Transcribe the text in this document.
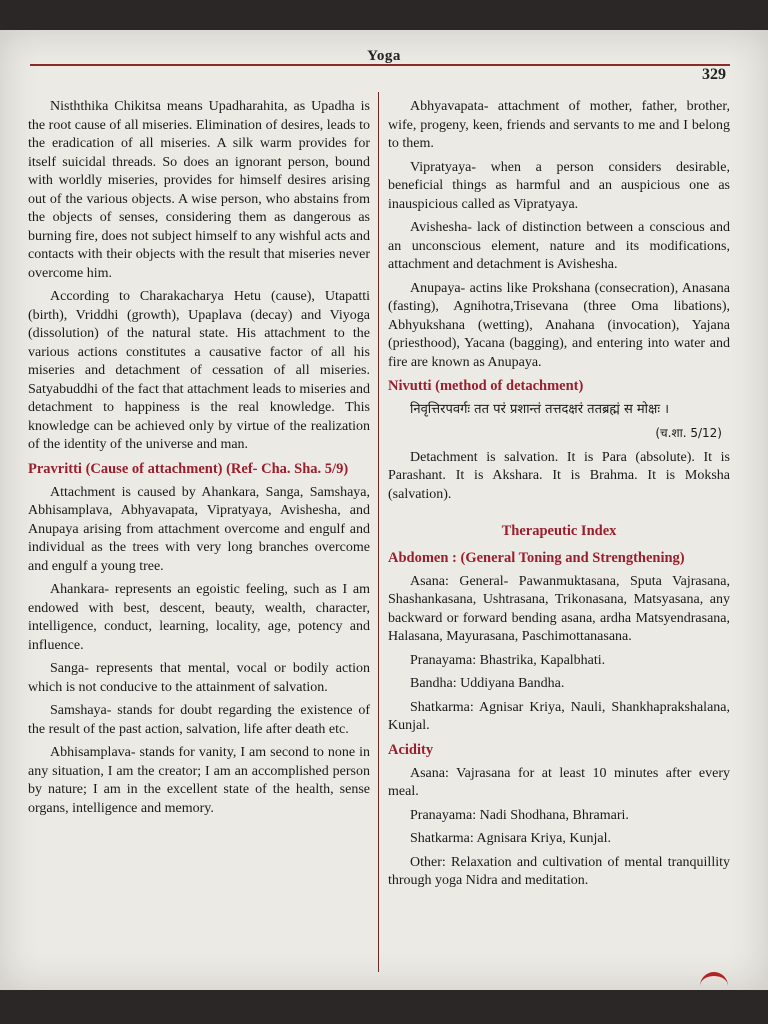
Yoga
329

Nisththika Chikitsa means Upadharahita, as Upadha is the root cause of all miseries. Elimination of desires, leads to the eradication of all miseries. A silk warm provides for itself suicidal threads. So does an ignorant person, bound with worldly miseries, provides for himself desires arising out of the various objects. A wise person, who abstains from the objects of senses, considering them as dangerous as burning fire, does not subject himself to any wishful acts and contacts with their objects with the result that miseries never overcome him.

According to Charakacharya Hetu (cause), Utapatti (birth), Vriddhi (growth), Upaplava (decay) and Viyoga (dissolution) of the natural state. His attachment to the various actions constitutes a causative factor of all his miseries and detachment of cessation of all miseries. Satyabuddhi of the fact that attachment leads to miseries and detachment to happiness is the real knowledge. This knowledge can be achieved only by virtue of the realization of the identity of the universe and man.

Pravritti (Cause of attachment) (Ref- Cha. Sha. 5/9)

Attachment is caused by Ahankara, Sanga, Samshaya, Abhisamplava, Abhyavapata, Vipratyaya, Avishesha, and Anupaya arising from attachment overcome and engulf and individual as the trees with very long branches overcome and engulf a young tree.

Ahankara- represents an egoistic feeling, such as I am endowed with best, descent, beauty, wealth, character, intelligence, conduct, learning, locality, age, potency and influence.

Sanga- represents that mental, vocal or bodily action which is not conducive to the attainment of salvation.

Samshaya- stands for doubt regarding the existence of the result of the past action, salvation, life after death etc.

Abhisamplava- stands for vanity, I am second to none in any situation, I am the creator; I am an accomplished person by nature; I am in the excellent state of the health, sense organs, intelligence and memory.

Abhyavapata- attachment of mother, father, brother, wife, progeny, keen, friends and servants to me and I belong to them.

Vipratyaya- when a person considers desirable, beneficial things as harmful and an auspicious one as inauspicious called as Vipratyaya.

Avishesha- lack of distinction between a conscious and an unconscious element, nature and its modifications, attachment and detachment is Avishesha.

Anupaya- actins like Prokshana (consecration), Anasana (fasting), Agnihotra,Trisevana (three Oma libations), Abhyukshana (wetting), Anahana (invocation), Yajana (priesthood), Yacana (bagging), and entering into water and fire are known as Anupaya.

Nivutti (method of detachment)

निवृत्तिरपवर्गः तत परं प्रशान्तं तत्तदक्षरं ततब्रह्मं स मोक्षः ।

(च.शा. 5/12)

Detachment is salvation. It is Para (absolute). It is Parashant. It is Akshara. It is Brahma. It is Moksha (salvation).

Therapeutic Index
Abdomen : (General Toning and Strengthening)

Asana: General- Pawanmuktasana, Sputa Vajrasana, Shashankasana, Ushtrasana, Trikonasana, Matsyasana, any backward or forward bending asana, ardha Matsyendrasana, Halasana, Mayurasana, Paschimottanasana.

Pranayama: Bhastrika, Kapalbhati.

Bandha: Uddiyana Bandha.

Shatkarma: Agnisar Kriya, Nauli, Shankhaprakshalana, Kunjal.

Acidity

Asana: Vajrasana for at least 10 minutes after every meal.

Pranayama: Nadi Shodhana, Bhramari.

Shatkarma: Agnisara Kriya, Kunjal.

Other: Relaxation and cultivation of mental tranquillity through yoga Nidra and meditation.
